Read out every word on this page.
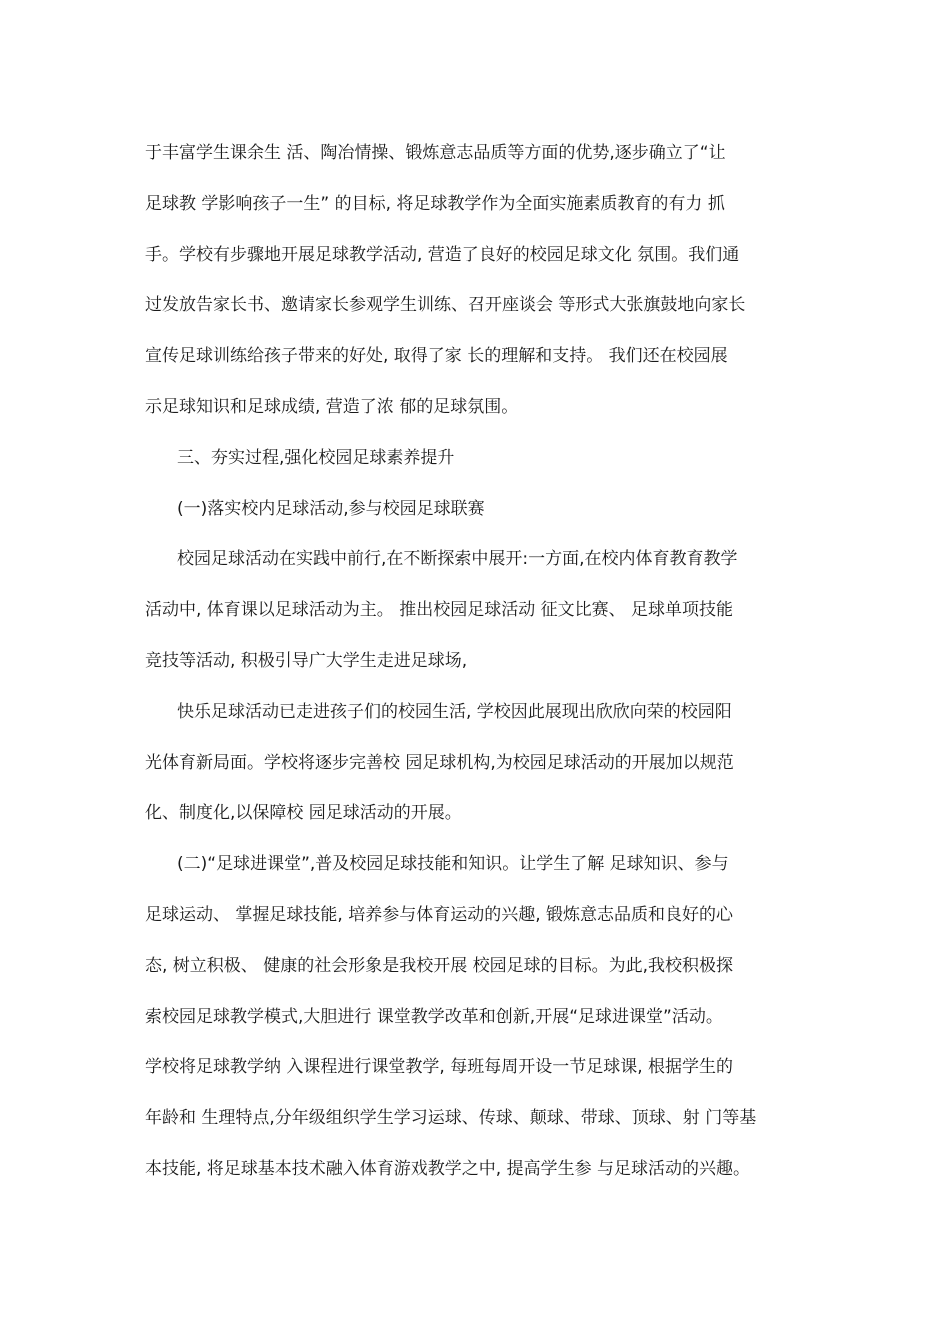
于丰富学生课余生 活、陶冶情操、锻炼意志品质等方面的优势,逐步确立了“让
足球教 学影响孩子一生” 的目标, 将足球教学作为全面实施素质教育的有力 抓
手。学校有步骤地开展足球教学活动, 营造了良好的校园足球文化 氛围。我们通
过发放告家长书、邀请家长参观学生训练、召开座谈会 等形式大张旗鼓地向家长
宣传足球训练给孩子带来的好处, 取得了家 长的理解和支持。 我们还在校园展
示足球知识和足球成绩, 营造了浓 郁的足球氛围。
三、夯实过程,强化校园足球素养提升
(一)落实校内足球活动,参与校园足球联赛
校园足球活动在实践中前行,在不断探索中展开:一方面,在校内体育教育教学
活动中, 体育课以足球活动为主。 推出校园足球活动 征文比赛、 足球单项技能
竞技等活动, 积极引导广大学生走进足球场,
快乐足球活动已走进孩子们的校园生活, 学校因此展现出欣欣向荣的校园阳
光体育新局面。学校将逐步完善校 园足球机构,为校园足球活动的开展加以规范
化、制度化,以保障校 园足球活动的开展。
(二)“足球进课堂”,普及校园足球技能和知识。让学生了解 足球知识、参与
足球运动、 掌握足球技能, 培养参与体育运动的兴趣, 锻炼意志品质和良好的心
态, 树立积极、 健康的社会形象是我校开展 校园足球的目标。为此,我校积极探
索校园足球教学模式,大胆进行 课堂教学改革和创新,开展“足球进课堂”活动。
学校将足球教学纳 入课程进行课堂教学, 每班每周开设一节足球课, 根据学生的
年龄和 生理特点,分年级组织学生学习运球、传球、颠球、带球、顶球、射 门等基
本技能, 将足球基本技术融入体育游戏教学之中, 提高学生参 与足球活动的兴趣。
